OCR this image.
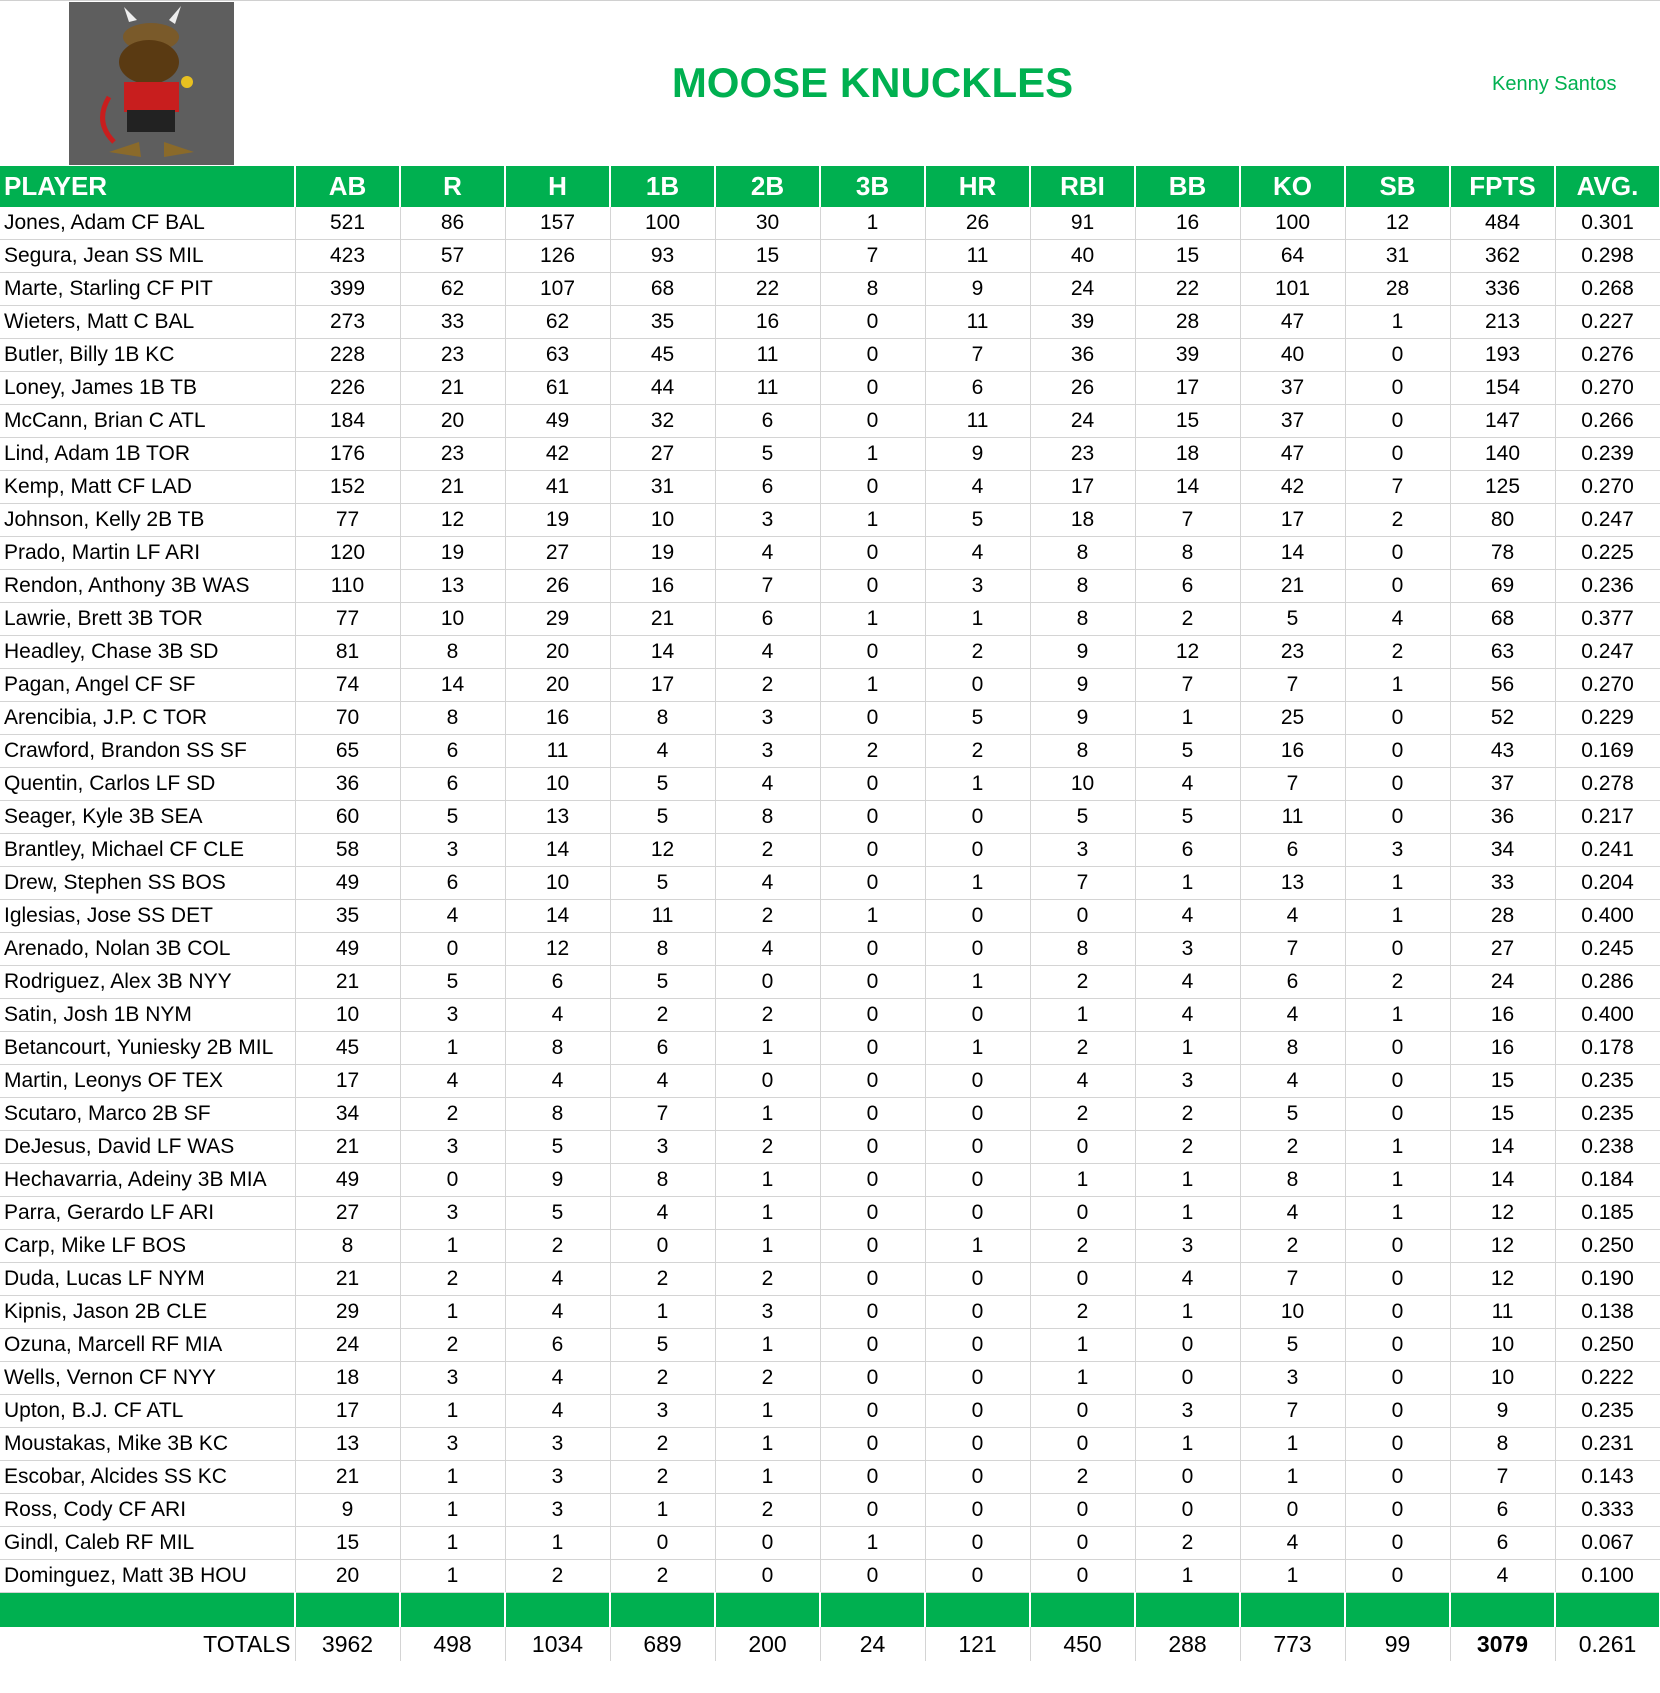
MOOSE KNUCKLES	Kenny Santos
PLAYER	AB	R	H	1B	2B	3B	HR	RBI	BB	KO	SB	FPTS	AVG.
Jones, Adam CF BAL	521	86	157	100	30	1	26	91	16	100	12	484	0.301
Segura, Jean SS MIL	423	57	126	93	15	7	11	40	15	64	31	362	0.298
Marte, Starling CF PIT	399	62	107	68	22	8	9	24	22	101	28	336	0.268
Wieters, Matt C BAL	273	33	62	35	16	0	11	39	28	47	1	213	0.227
Butler, Billy 1B KC	228	23	63	45	11	0	7	36	39	40	0	193	0.276
Loney, James 1B TB	226	21	61	44	11	0	6	26	17	37	0	154	0.270
McCann, Brian C ATL	184	20	49	32	6	0	11	24	15	37	0	147	0.266
Lind, Adam 1B TOR	176	23	42	27	5	1	9	23	18	47	0	140	0.239
Kemp, Matt CF LAD	152	21	41	31	6	0	4	17	14	42	7	125	0.270
Johnson, Kelly 2B TB	77	12	19	10	3	1	5	18	7	17	2	80	0.247
Prado, Martin LF ARI	120	19	27	19	4	0	4	8	8	14	0	78	0.225
Rendon, Anthony 3B WAS	110	13	26	16	7	0	3	8	6	21	0	69	0.236
Lawrie, Brett 3B TOR	77	10	29	21	6	1	1	8	2	5	4	68	0.377
Headley, Chase 3B SD	81	8	20	14	4	0	2	9	12	23	2	63	0.247
Pagan, Angel CF SF	74	14	20	17	2	1	0	9	7	7	1	56	0.270
Arencibia, J.P. C TOR	70	8	16	8	3	0	5	9	1	25	0	52	0.229
Crawford, Brandon SS SF	65	6	11	4	3	2	2	8	5	16	0	43	0.169
Quentin, Carlos LF SD	36	6	10	5	4	0	1	10	4	7	0	37	0.278
Seager, Kyle 3B SEA	60	5	13	5	8	0	0	5	5	11	0	36	0.217
Brantley, Michael CF CLE	58	3	14	12	2	0	0	3	6	6	3	34	0.241
Drew, Stephen SS BOS	49	6	10	5	4	0	1	7	1	13	1	33	0.204
Iglesias, Jose SS DET	35	4	14	11	2	1	0	0	4	4	1	28	0.400
Arenado, Nolan 3B COL	49	0	12	8	4	0	0	8	3	7	0	27	0.245
Rodriguez, Alex 3B NYY	21	5	6	5	0	0	1	2	4	6	2	24	0.286
Satin, Josh 1B NYM	10	3	4	2	2	0	0	1	4	4	1	16	0.400
Betancourt, Yuniesky 2B MIL	45	1	8	6	1	0	1	2	1	8	0	16	0.178
Martin, Leonys OF TEX	17	4	4	4	0	0	0	4	3	4	0	15	0.235
Scutaro, Marco 2B SF	34	2	8	7	1	0	0	2	2	5	0	15	0.235
DeJesus, David LF WAS	21	3	5	3	2	0	0	0	2	2	1	14	0.238
Hechavarria, Adeiny 3B MIA	49	0	9	8	1	0	0	1	1	8	1	14	0.184
Parra, Gerardo LF ARI	27	3	5	4	1	0	0	0	1	4	1	12	0.185
Carp, Mike LF BOS	8	1	2	0	1	0	1	2	3	2	0	12	0.250
Duda, Lucas LF NYM	21	2	4	2	2	0	0	0	4	7	0	12	0.190
Kipnis, Jason 2B CLE	29	1	4	1	3	0	0	2	1	10	0	11	0.138
Ozuna, Marcell RF MIA	24	2	6	5	1	0	0	1	0	5	0	10	0.250
Wells, Vernon CF NYY	18	3	4	2	2	0	0	1	0	3	0	10	0.222
Upton, B.J. CF ATL	17	1	4	3	1	0	0	0	3	7	0	9	0.235
Moustakas, Mike 3B KC	13	3	3	2	1	0	0	0	1	1	0	8	0.231
Escobar, Alcides SS KC	21	1	3	2	1	0	0	2	0	1	0	7	0.143
Ross, Cody CF ARI	9	1	3	1	2	0	0	0	0	0	0	6	0.333
Gindl, Caleb RF MIL	15	1	1	0	0	1	0	0	2	4	0	6	0.067
Dominguez, Matt 3B HOU	20	1	2	2	0	0	0	0	1	1	0	4	0.100

TOTALS	3962	498	1034	689	200	24	121	450	288	773	99	3079	0.261
